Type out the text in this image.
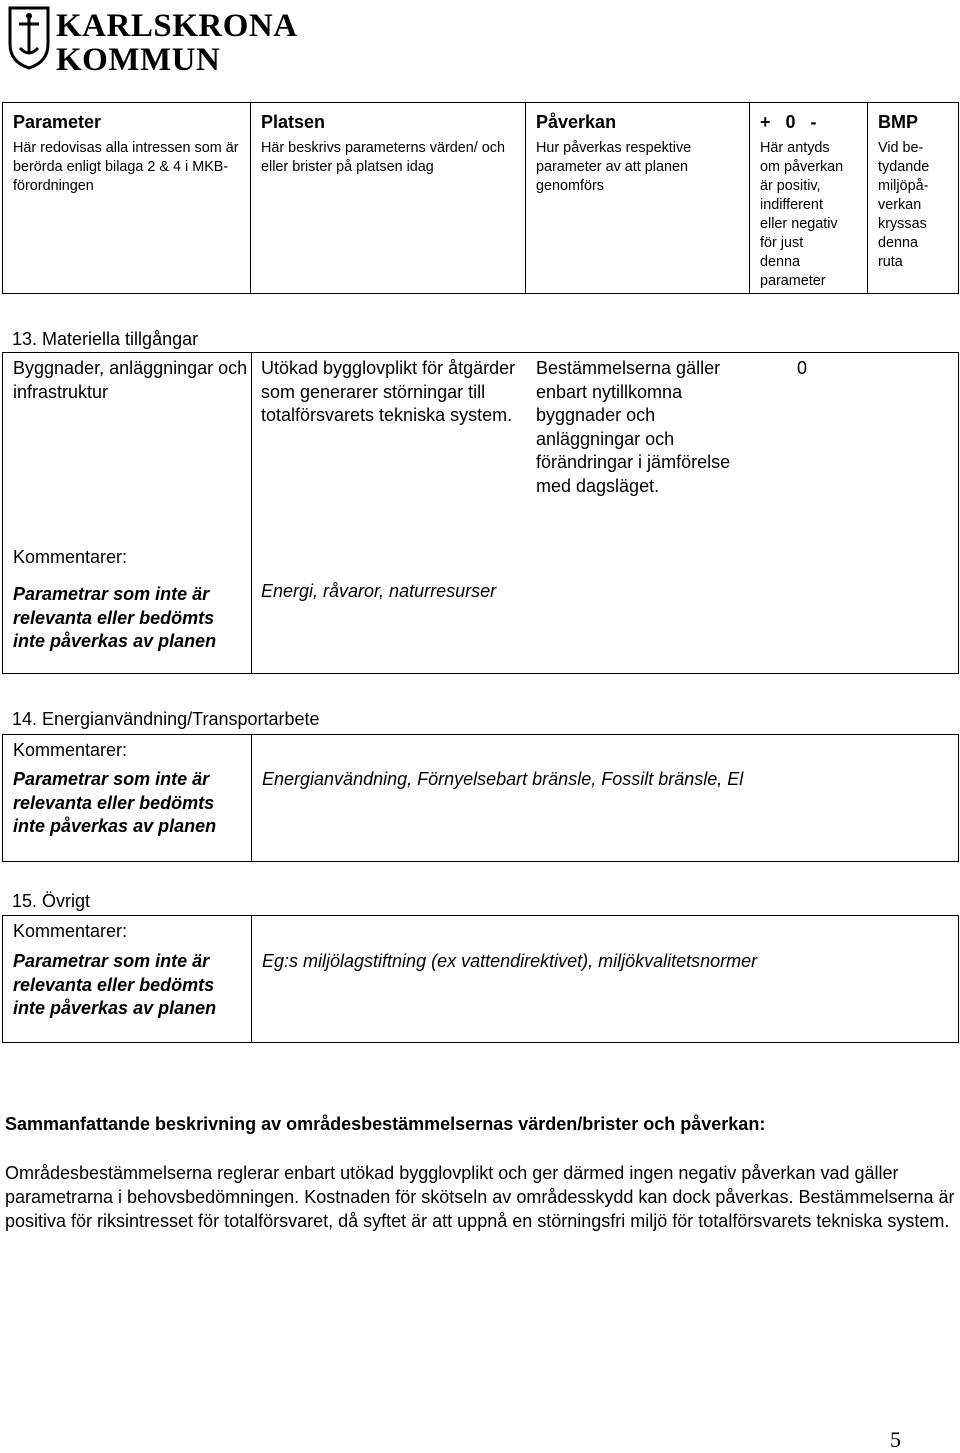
KARLSKRONA
KOMMUN
Parameter
Här redovisas alla intressen som är berörda enligt bilaga 2 & 4 i MKB-förordningen
Platsen
Här beskrivs parameterns värden/ och eller brister på platsen idag
Påverkan
Hur påverkas respektive parameter av att planen genomförs
+   0   -
Här antyds
om påverkan
är positiv,
indifferent
eller negativ
för just
denna
parameter
BMP
Vid be-
tydande
miljöpå-
verkan
kryssas
denna
ruta
13. Materiella tillgångar
Byggnader, anläggningar och infrastruktur
Kommentarer:
Parametrar som inte är relevanta eller bedömts inte påverkas av planen
Utökad bygglovplikt för åtgärder som generarer störningar till totalförsvarets tekniska system.
Bestämmelserna gäller enbart nytillkomna byggnader och anläggningar och förändringar i jämförelse med dagsläget.
0
Energi, råvaror, naturresurser
14. Energianvändning/Transportarbete
Kommentarer:
Parametrar som inte är relevanta eller bedömts inte påverkas av planen
Energianvändning, Förnyelsebart bränsle, Fossilt bränsle, El
15. Övrigt
Kommentarer:
Parametrar som inte är relevanta eller bedömts inte påverkas av planen
Eg:s miljölagstiftning (ex vattendirektivet), miljökvalitetsnormer
Sammanfattande beskrivning av områdesbestämmelsernas värden/brister och påverkan:
Områdesbestämmelserna reglerar enbart utökad bygglovplikt och ger därmed ingen negativ påverkan vad gäller parametrarna i behovsbedömningen. Kostnaden för skötseln av områdesskydd kan dock påverkas. Bestämmelserna är positiva för riksintresset för totalförsvaret, då syftet är att uppnå en störningsfri miljö för totalförsvarets tekniska system.
5
